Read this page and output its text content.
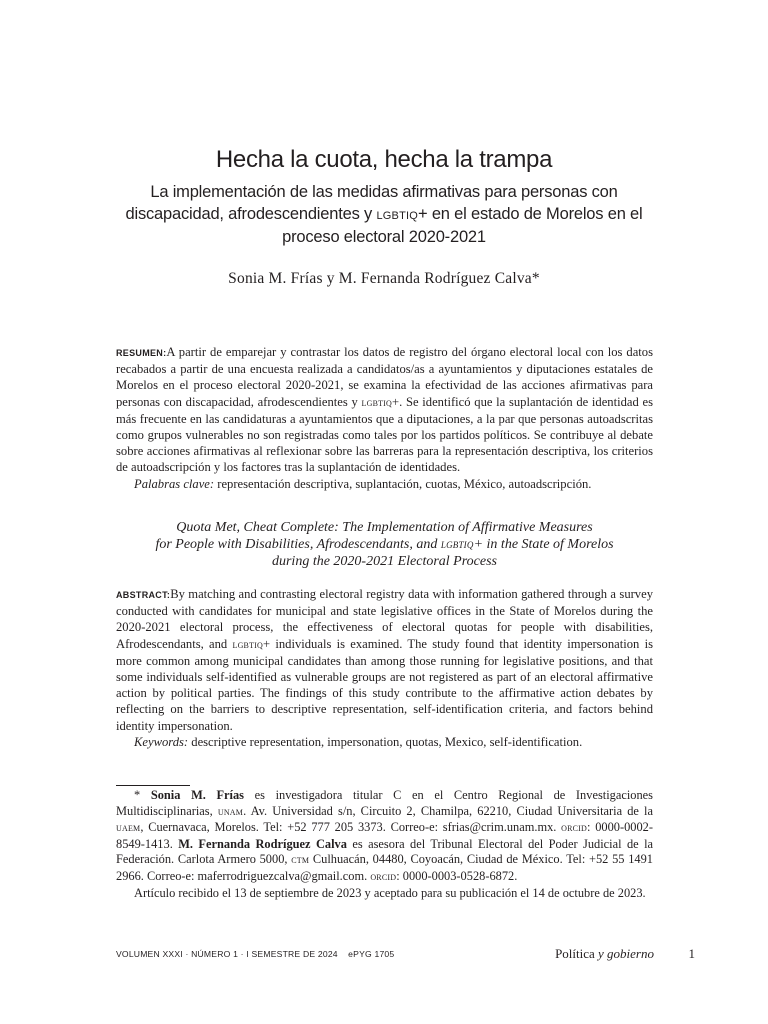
Hecha la cuota, hecha la trampa
La implementación de las medidas afirmativas para personas con discapacidad, afrodescendientes y lgbtiq+ en el estado de Morelos en el proceso electoral 2020-2021
Sonia M. Frías y M. Fernanda Rodríguez Calva*

RESUMEN:A partir de emparejar y contrastar los datos de registro del órgano electoral local con los datos recabados a partir de una encuesta realizada a candidatos/as a ayuntamientos y diputaciones estatales de Morelos en el proceso electoral 2020-2021, se examina la efectividad de las acciones afirmativas para personas con discapacidad, afrodescendientes y lgbtiq+. Se identificó que la suplantación de identidad es más frecuente en las candidaturas a ayuntamientos que a diputaciones, a la par que personas autoadscritas como grupos vulnerables no son registradas como tales por los partidos políticos. Se contribuye al debate sobre acciones afirmativas al reflexionar sobre las barreras para la representación descriptiva, los criterios de autoadscripción y los factores tras la suplantación de identidades.

Palabras clave: representación descriptiva, suplantación, cuotas, México, autoadscripción.

Quota Met, Cheat Complete: The Implementation of Affirmative Measures
for People with Disabilities, Afrodescendants, and lgbtiq+ in the State of Morelos
during the 2020-2021 Electoral Process

ABSTRACT:By matching and contrasting electoral registry data with information gathered through a survey conducted with candidates for municipal and state legislative offices in the State of Morelos during the 2020-2021 electoral process, the effectiveness of electoral quotas for people with disabilities, Afrodescendants, and lgbtiq+ individuals is examined. The study found that identity impersonation is more common among municipal candidates than among those running for legislative positions, and that some individuals self-identified as vulnerable groups are not registered as part of an electoral affirmative action by political parties. The findings of this study contribute to the affirmative action debates by reflecting on the barriers to descriptive representation, self-identification criteria, and factors behind identity impersonation.

Keywords: descriptive representation, impersonation, quotas, Mexico, self-identification.

* Sonia M. Frías es investigadora titular C en el Centro Regional de Investigaciones Multidisciplinarias, unam. Av. Universidad s/n, Circuito 2, Chamilpa, 62210, Ciudad Universitaria de la uaem, Cuernavaca, Morelos. Tel: +52 777 205 3373. Correo-e: sfrias@crim.unam.mx. orcid: 0000-0002-8549-1413. M. Fernanda Rodríguez Calva es asesora del Tribunal Electoral del Poder Judicial de la Federación. Carlota Armero 5000, ctm Culhuacán, 04480, Coyoacán, Ciudad de México. Tel: +52 55 1491 2966. Correo-e: maferrodriguezcalva@gmail.com. orcid: 0000-0003-0528-6872.

Artículo recibido el 13 de septiembre de 2023 y aceptado para su publicación el 14 de octubre de 2023.

VOLUMEN XXXI · NÚMERO 1 · I SEMESTRE DE 2024 ePYG 1705	Política y gobierno	1
